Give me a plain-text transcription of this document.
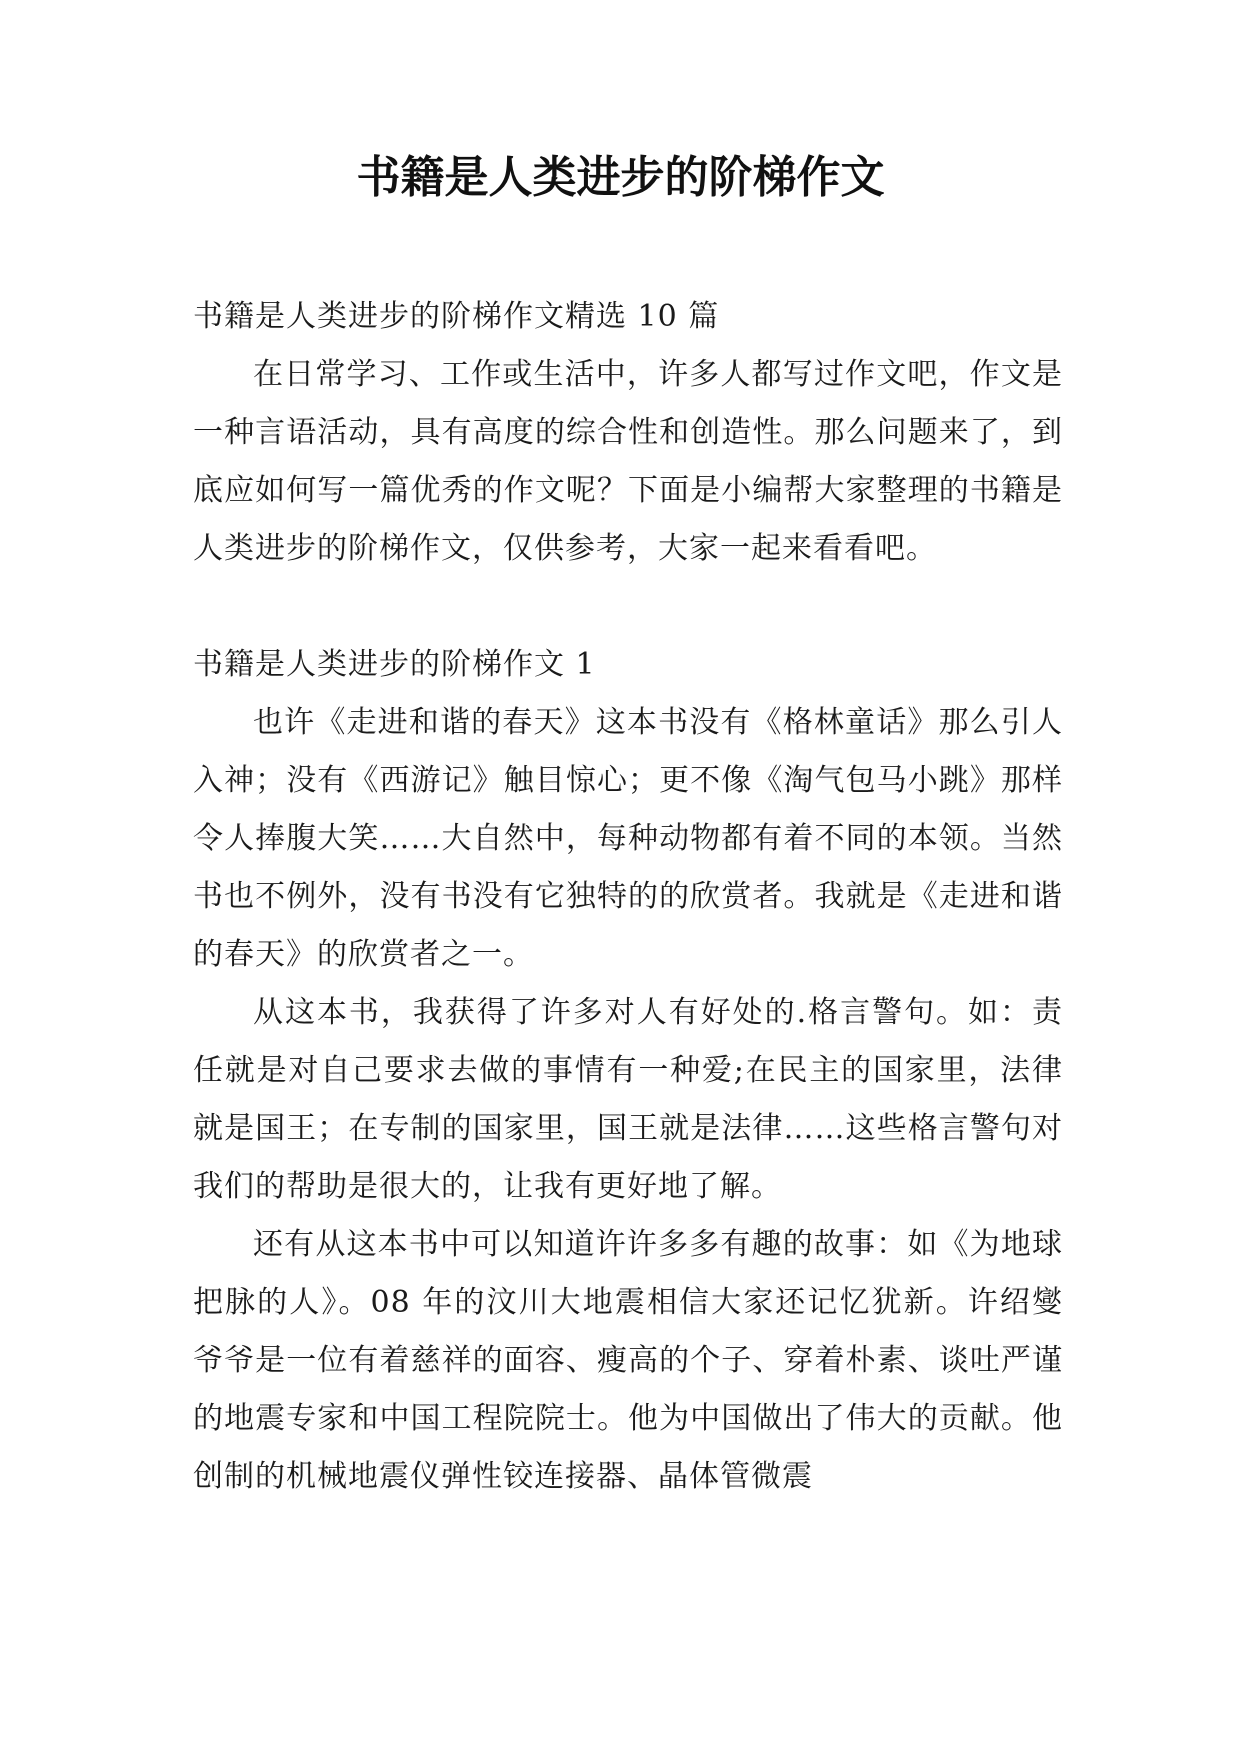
书籍是人类进步的阶梯作文

书籍是人类进步的阶梯作文精选 10 篇

在日常学习、工作或生活中，许多人都写过作文吧，作文是一种言语活动，具有高度的综合性和创造性。那么问题来了，到底应如何写一篇优秀的作文呢？下面是小编帮大家整理的书籍是人类进步的阶梯作文，仅供参考，大家一起来看看吧。

书籍是人类进步的阶梯作文 1

也许《走进和谐的春天》这本书没有《格林童话》那么引人入神；没有《西游记》触目惊心；更不像《淘气包马小跳》那样令人捧腹大笑……大自然中，每种动物都有着不同的本领。当然书也不例外，没有书没有它独特的的欣赏者。我就是《走进和谐的春天》的欣赏者之一。

从这本书，我获得了许多对人有好处的.格言警句。如：责任就是对自己要求去做的事情有一种爱;在民主的国家里，法律就是国王；在专制的国家里，国王就是法律……这些格言警句对我们的帮助是很大的，让我有更好地了解。

还有从这本书中可以知道许许多多有趣的故事：如《为地球把脉的人》。08 年的汶川大地震相信大家还记忆犹新。许绍燮爷爷是一位有着慈祥的面容、瘦高的个子、穿着朴素、谈吐严谨的地震专家和中国工程院院士。他为中国做出了伟大的贡献。他创制的机械地震仪弹性铰连接器、晶体管微震
